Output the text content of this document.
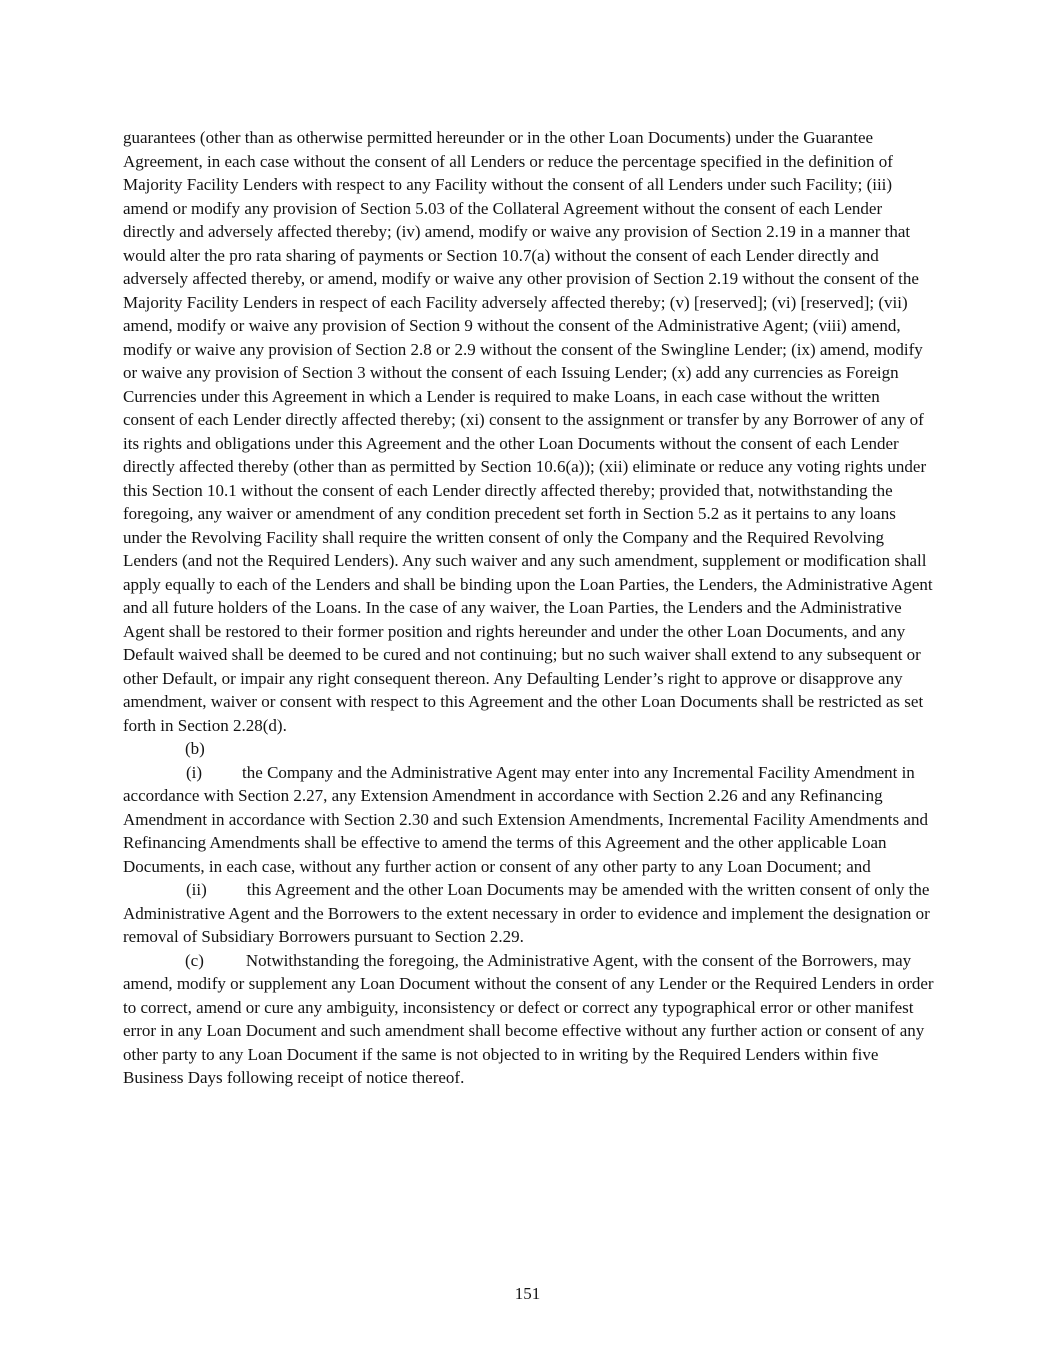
guarantees (other than as otherwise permitted hereunder or in the other Loan Documents) under the Guarantee Agreement, in each case without the consent of all Lenders or reduce the percentage specified in the definition of Majority Facility Lenders with respect to any Facility without the consent of all Lenders under such Facility; (iii) amend or modify any provision of Section 5.03 of the Collateral Agreement without the consent of each Lender directly and adversely affected thereby; (iv) amend, modify or waive any provision of Section 2.19 in a manner that would alter the pro rata sharing of payments or Section 10.7(a) without the consent of each Lender directly and adversely affected thereby, or amend, modify or waive any other provision of Section 2.19 without the consent of the Majority Facility Lenders in respect of each Facility adversely affected thereby; (v) [reserved]; (vi) [reserved]; (vii) amend, modify or waive any provision of Section 9 without the consent of the Administrative Agent; (viii) amend, modify or waive any provision of Section 2.8 or 2.9 without the consent of the Swingline Lender; (ix) amend, modify or waive any provision of Section 3 without the consent of each Issuing Lender; (x) add any currencies as Foreign Currencies under this Agreement in which a Lender is required to make Loans, in each case without the written consent of each Lender directly affected thereby; (xi) consent to the assignment or transfer by any Borrower of any of its rights and obligations under this Agreement and the other Loan Documents without the consent of each Lender directly affected thereby (other than as permitted by Section 10.6(a)); (xii) eliminate or reduce any voting rights under this Section 10.1 without the consent of each Lender directly affected thereby; provided that, notwithstanding the foregoing, any waiver or amendment of any condition precedent set forth in Section 5.2 as it pertains to any loans under the Revolving Facility shall require the written consent of only the Company and the Required Revolving Lenders (and not the Required Lenders). Any such waiver and any such amendment, supplement or modification shall apply equally to each of the Lenders and shall be binding upon the Loan Parties, the Lenders, the Administrative Agent and all future holders of the Loans. In the case of any waiver, the Loan Parties, the Lenders and the Administrative Agent shall be restored to their former position and rights hereunder and under the other Loan Documents, and any Default waived shall be deemed to be cured and not continuing; but no such waiver shall extend to any subsequent or other Default, or impair any right consequent thereon. Any Defaulting Lender’s right to approve or disapprove any amendment, waiver or consent with respect to this Agreement and the other Loan Documents shall be restricted as set forth in Section 2.28(d).

(b)

(i) the Company and the Administrative Agent may enter into any Incremental Facility Amendment in accordance with Section 2.27, any Extension Amendment in accordance with Section 2.26 and any Refinancing Amendment in accordance with Section 2.30 and such Extension Amendments, Incremental Facility Amendments and Refinancing Amendments shall be effective to amend the terms of this Agreement and the other applicable Loan Documents, in each case, without any further action or consent of any other party to any Loan Document; and

(ii) this Agreement and the other Loan Documents may be amended with the written consent of only the Administrative Agent and the Borrowers to the extent necessary in order to evidence and implement the designation or removal of Subsidiary Borrowers pursuant to Section 2.29.

(c) Notwithstanding the foregoing, the Administrative Agent, with the consent of the Borrowers, may amend, modify or supplement any Loan Document without the consent of any Lender or the Required Lenders in order to correct, amend or cure any ambiguity, inconsistency or defect or correct any typographical error or other manifest error in any Loan Document and such amendment shall become effective without any further action or consent of any other party to any Loan Document if the same is not objected to in writing by the Required Lenders within five Business Days following receipt of notice thereof.

151
